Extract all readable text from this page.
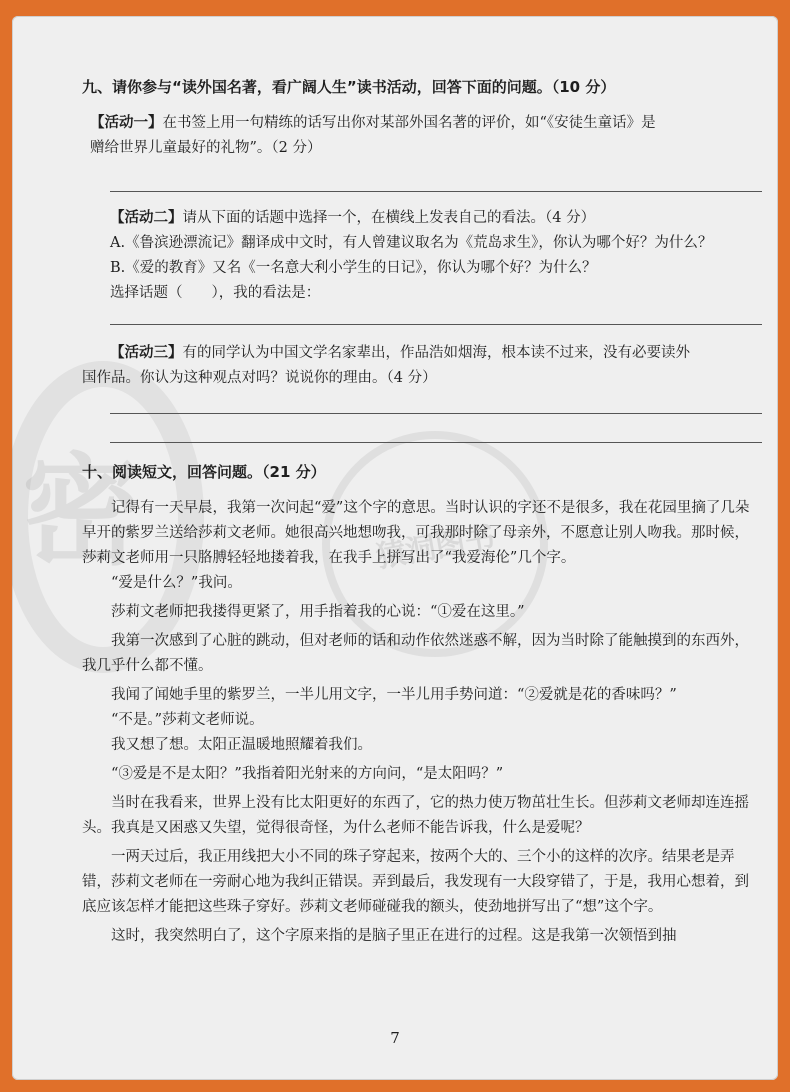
密	猿洞图书

九、请你参与“读外国名著，看广阔人生”读书活动，回答下面的问题。（10 分）

【活动一】在书签上用一句精练的话写出你对某部外国名著的评价，如“《安徒生童话》是

赠给世界儿童最好的礼物”。（2 分）

【活动二】请从下面的话题中选择一个，在横线上发表自己的看法。（4 分）

A.《鲁滨逊漂流记》翻译成中文时，有人曾建议取名为《荒岛求生》，你认为哪个好？为什么？

B.《爱的教育》又名《一名意大利小学生的日记》，你认为哪个好？为什么？

选择话题（　　），我的看法是：

【活动三】有的同学认为中国文学名家辈出，作品浩如烟海，根本读不过来，没有必要读外

国作品。你认为这种观点对吗？说说你的理由。（4 分）

十、阅读短文，回答问题。（21 分）

记得有一天早晨，我第一次问起“爱”这个字的意思。当时认识的字还不是很多，我在花园里摘了几朵早开的紫罗兰送给莎莉文老师。她很高兴地想吻我，可我那时除了母亲外，不愿意让别人吻我。那时候，莎莉文老师用一只胳膊轻轻地搂着我，在我手上拼写出了“我爱海伦”几个字。

“爱是什么？”我问。

莎莉文老师把我搂得更紧了，用手指着我的心说：“①爱在这里。”

我第一次感到了心脏的跳动，但对老师的话和动作依然迷惑不解，因为当时除了能触摸到的东西外，我几乎什么都不懂。

我闻了闻她手里的紫罗兰，一半儿用文字，一半儿用手势问道：“②爱就是花的香味吗？”

“不是。”莎莉文老师说。

我又想了想。太阳正温暖地照耀着我们。

“③爱是不是太阳？”我指着阳光射来的方向问，“是太阳吗？”

当时在我看来，世界上没有比太阳更好的东西了，它的热力使万物茁壮生长。但莎莉文老师却连连摇头。我真是又困惑又失望，觉得很奇怪，为什么老师不能告诉我，什么是爱呢？

一两天过后，我正用线把大小不同的珠子穿起来，按两个大的、三个小的这样的次序。结果老是弄错，莎莉文老师在一旁耐心地为我纠正错误。弄到最后，我发现有一大段穿错了，于是，我用心想着，到底应该怎样才能把这些珠子穿好。莎莉文老师碰碰我的额头，使劲地拼写出了“想”这个字。

这时，我突然明白了，这个字原来指的是脑子里正在进行的过程。这是我第一次领悟到抽

7
